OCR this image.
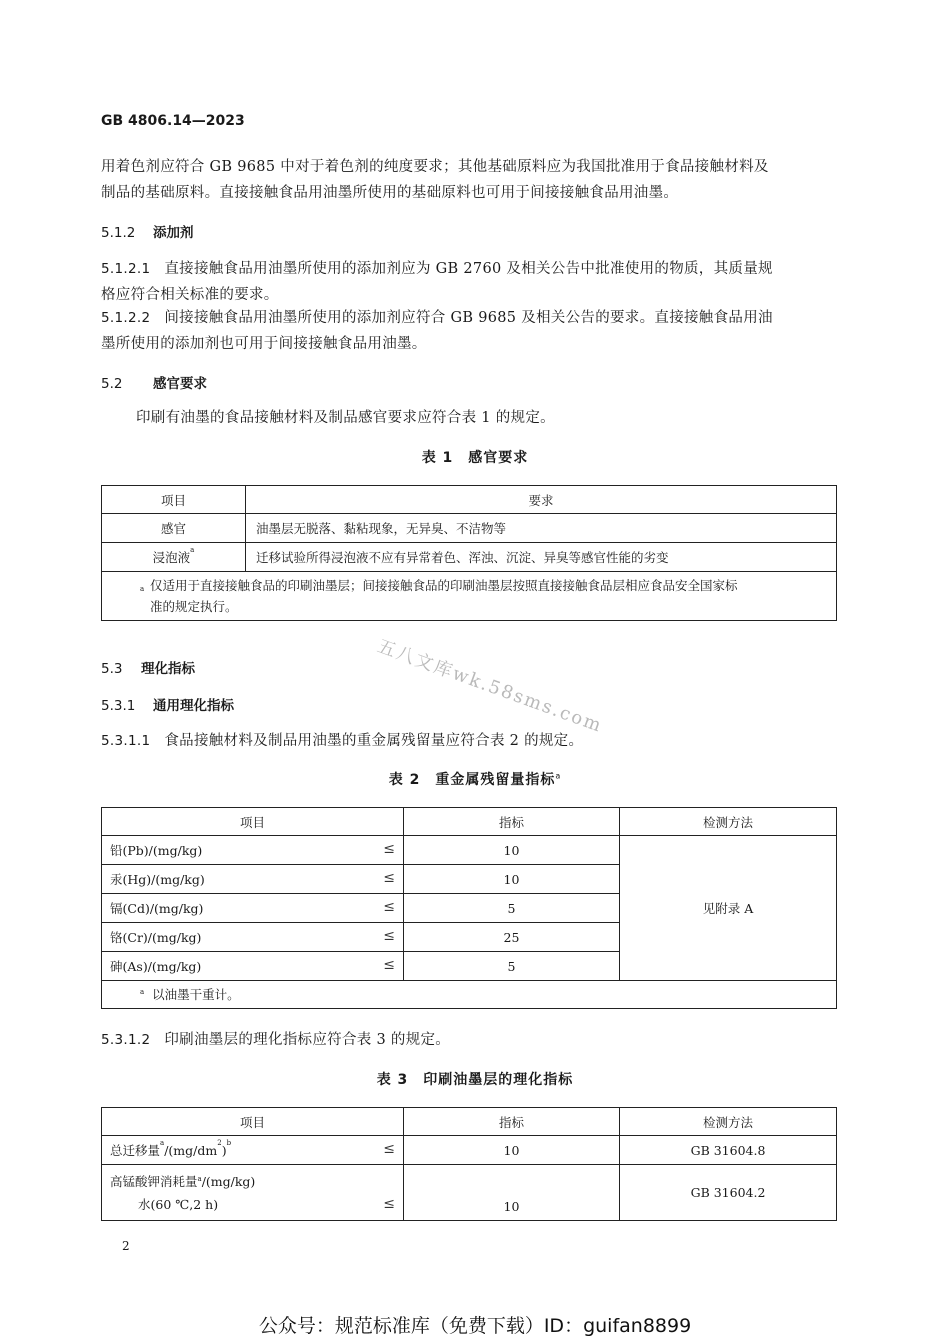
GB 4806.14—2023
用着色剂应符合 GB 9685 中对于着色剂的纯度要求；其他基础原料应为我国批准用于食品接触材料及
制品的基础原料。直接接触食品用油墨所使用的基础原料也可用于间接接触食品用油墨。
5.1.2 添加剂
5.1.2.1 直接接触食品用油墨所使用的添加剂应为 GB 2760 及相关公告中批准使用的物质，其质量规
格应符合相关标准的要求。
5.1.2.2 间接接触食品用油墨所使用的添加剂应符合 GB 9685 及相关公告的要求。直接接触食品用油
墨所使用的添加剂也可用于间接接触食品用油墨。
5.2 感官要求
印刷有油墨的食品接触材料及制品感官要求应符合表 1 的规定。
表 1　感官要求
项目	要求
感官	油墨层无脱落、黏粘现象，无异臭、不洁物等
浸泡液$^a$	迁移试验所得浸泡液不应有异常着色、浑浊、沉淀、异臭等感官性能的劣变

a 仅适用于直接接触食品的印刷油墨层；间接接触食品的印刷油墨层按照直接接触食品层相应食品安全国家标
准的规定执行。	
5.3 理化指标
5.3.1 通用理化指标
5.3.1.1 食品接触材料及制品用油墨的重金属残留量应符合表 2 的规定。
表 2　重金属残留量指标$^a$
项目	指标	检测方法
铅(Pb)/(mg/kg) ≤	10	见附录 A
汞(Hg)/(mg/kg) ≤	10	
镉(Cd)/(mg/kg) ≤	5	
铬(Cr)/(mg/kg) ≤	25	
砷(As)/(mg/kg) ≤	5	
$^a$ 以油墨干重计。		
5.3.1.2 印刷油墨层的理化指标应符合表 3 的规定。
表 3　印刷油墨层的理化指标
项目	指标	检测方法
总迁移量$^a/(mg/dm^2)^b$ ≤	10	GB 31604.8

高锰酸钾消耗量$^a$/(mg/kg)
水(60 ℃,2 h) ≤	10	GB 31604.2
五八文库wk.58sms.com
2
公众号：规范标准库（免费下载）ID：guifan8899
